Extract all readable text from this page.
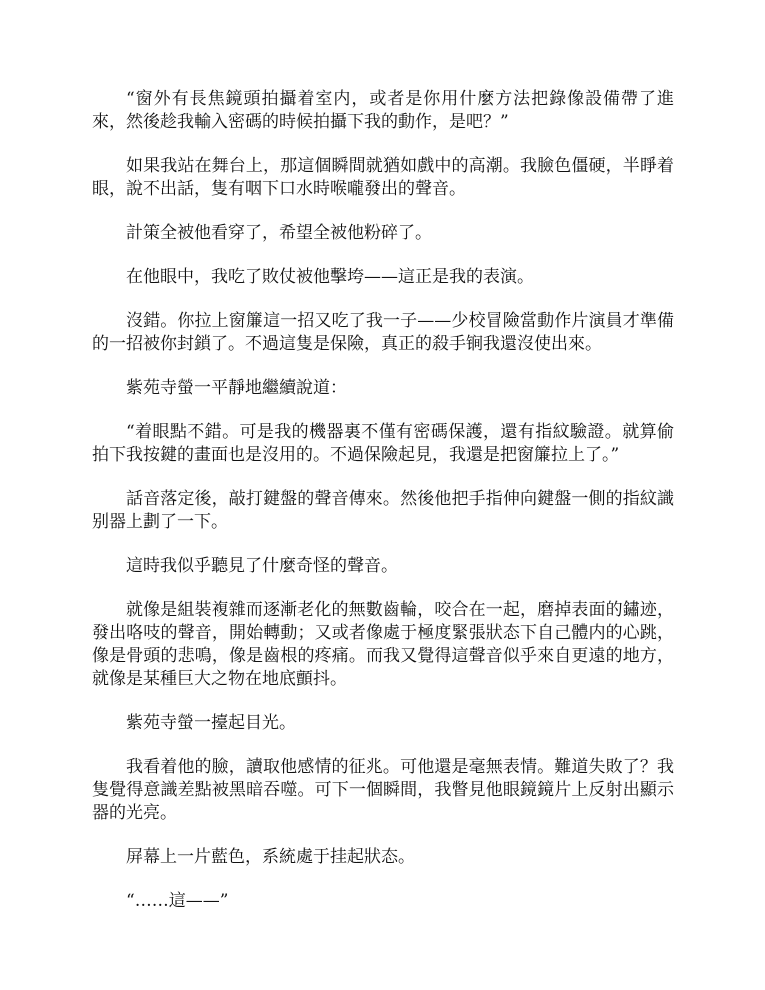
“窗外有長焦鏡頭拍攝着室内，或者是你用什麼方法把錄像設備帶了進來，然後趁我輸入密碼的時候拍攝下我的動作，是吧？”

如果我站在舞台上，那這個瞬間就猶如戲中的高潮。我臉色僵硬，半睜着眼，說不出話，隻有咽下口水時喉嚨發出的聲音。

計策全被他看穿了，希望全被他粉碎了。

在他眼中，我吃了敗仗被他擊垮——這正是我的表演。

沒錯。你拉上窗簾這一招又吃了我一子——少校冒險當動作片演員才準備的一招被你封鎖了。不過這隻是保險，真正的殺手锏我還沒使出來。

紫苑寺螢一平靜地繼續說道：

“着眼點不錯。可是我的機器裏不僅有密碼保護，還有指紋驗證。就算偷拍下我按鍵的畫面也是沒用的。不過保險起見，我還是把窗簾拉上了。”

話音落定後，敲打鍵盤的聲音傳來。然後他把手指伸向鍵盤一側的指紋識别器上劃了一下。

這時我似乎聽見了什麼奇怪的聲音。

就像是組裝複雜而逐漸老化的無數齒輪，咬合在一起，磨掉表面的鏽迹，發出咯吱的聲音，開始轉動；又或者像處于極度緊張狀态下自己體内的心跳，像是骨頭的悲鳴，像是齒根的疼痛。而我又覺得這聲音似乎來自更遠的地方，就像是某種巨大之物在地底顫抖。

紫苑寺螢一擡起目光。

我看着他的臉，讀取他感情的征兆。可他還是毫無表情。難道失敗了？我隻覺得意識差點被黑暗吞噬。可下一個瞬間，我瞥見他眼鏡鏡片上反射出顯示器的光亮。

屏幕上一片藍色，系統處于挂起狀态。

“……這——”
